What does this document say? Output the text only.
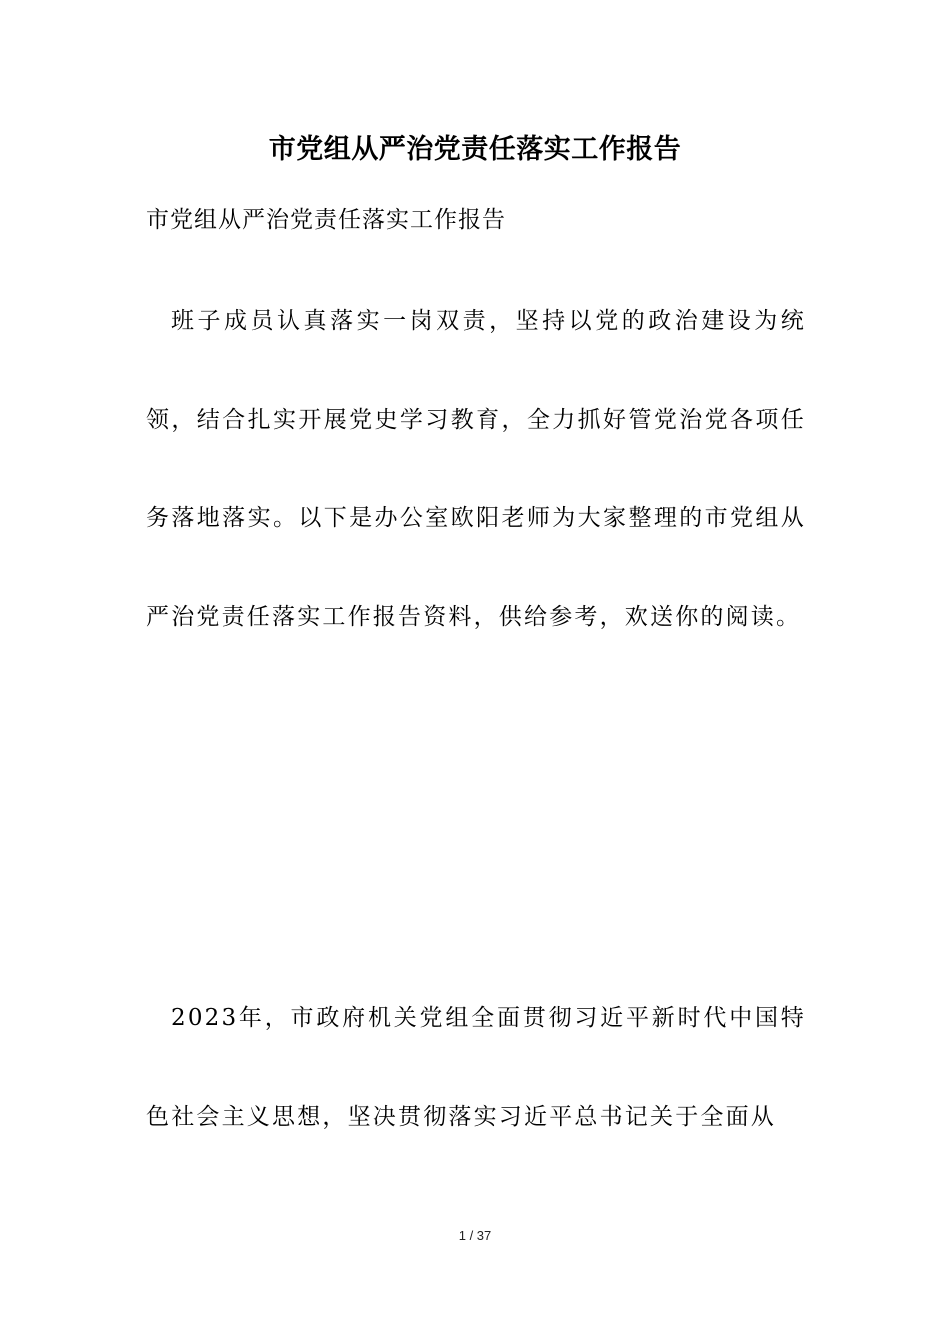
市党组从严治党责任落实工作报告
市党组从严治党责任落实工作报告

班子成员认真落实一岗双责，坚持以党的政治建设为统领，结合扎实开展党史学习教育，全力抓好管党治党各项任务落地落实。以下是办公室欧阳老师为大家整理的市党组从严治党责任落实工作报告资料，供给参考，欢送你的阅读。

2023年，市政府机关党组全面贯彻习近平新时代中国特色社会主义思想，坚决贯彻落实习近平总书记关于全面从

1 / 37
